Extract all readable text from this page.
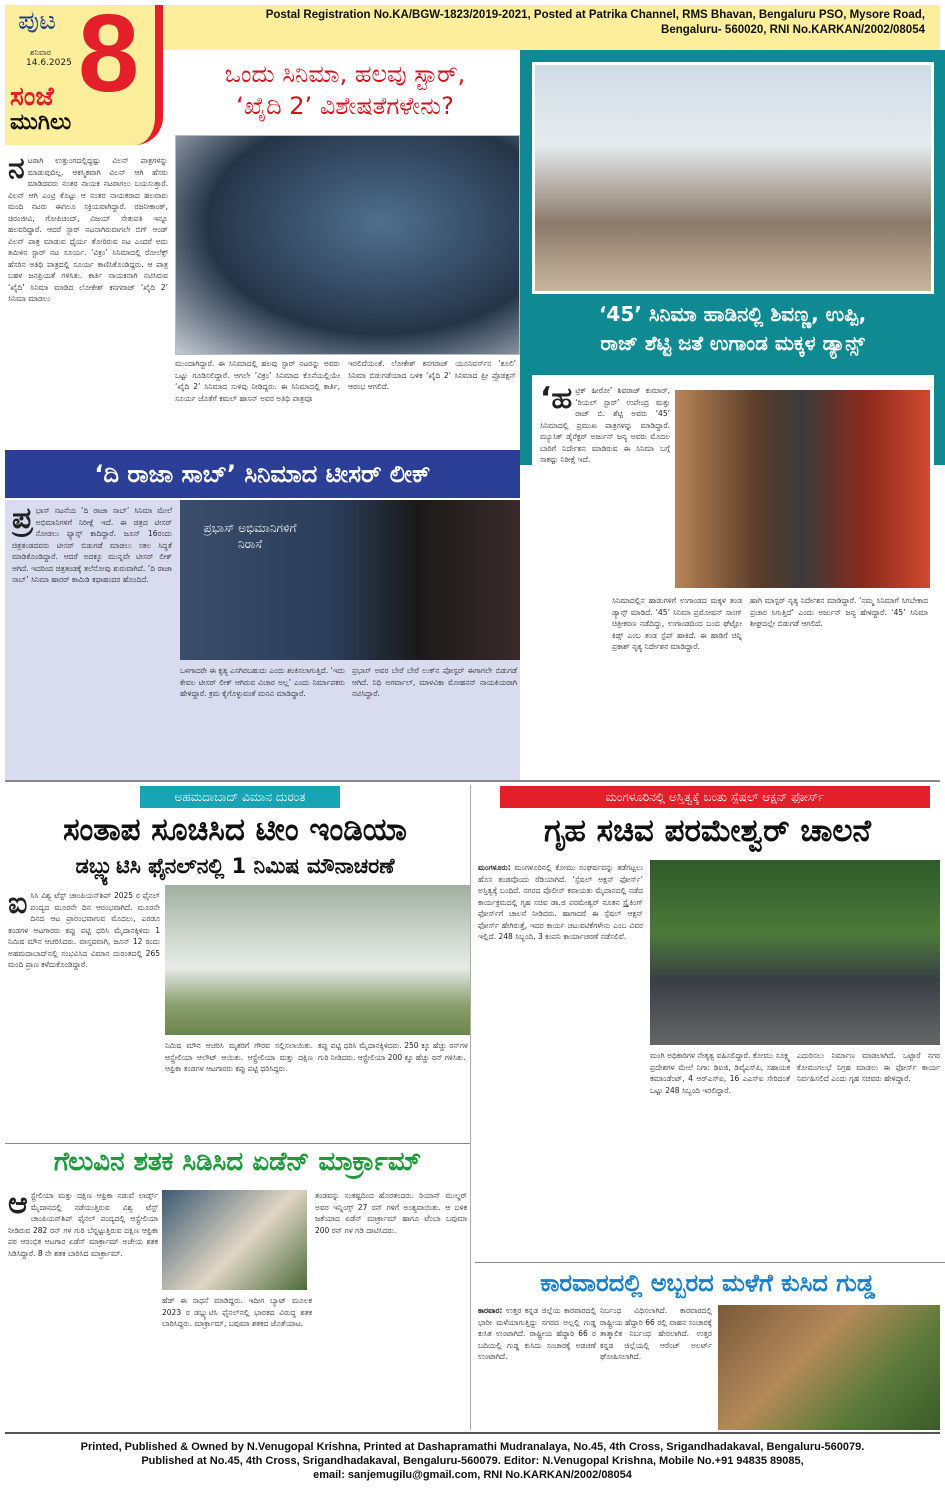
ಪುಟ
ಶನಿವಾರ
14.6.2025 8
ಸಂಜೆ
ಮುಗಿಲು
Postal Registration No.KA/BGW-1823/2019-2021, Posted at Patrika Channel, RMS Bhavan, Bengaluru PSO, Mysore Road,
Bengaluru- 560020, RNI No.KARKAN/2002/08054
ಒಂದು ಸಿನಿಮಾ, ಹಲವು ಸ್ಟಾರ್,
‘ಖೈದಿ 2’ ವಿಶೇಷತೆಗಳೇನು?
ನ ಟರಾಗಿ ಉತ್ತುಂಗದಲ್ಲಿದ್ದಷ್ಟು ವಿಲನ್ ಪಾತ್ರಗಳನ್ನು ಮಾಡುವುದಿಲ್ಲ. ಆಕಸ್ಮಿಕವಾಗಿ ವಿಲನ್ ಆಗಿ ಹೆಸರು ಮಾಡಿದವರು ನಂತರ ನಾಯಕ ನಟರಾಗಲು ಬಯಸುತ್ತಾರೆ. ವಿಲನ್ ಆಗಿ ಎಂಟ್ರಿ ಕೊಟ್ಟು ಆ ನಂತರ ನಾಯಕರಾದ ಹಲವಾರು ಮಂದಿ ನಟರು ಈಗಲೂ ಸಕ್ರಿಯವಾಗಿದ್ದಾರೆ. ರಜನೀಕಾಂತ್, ಚಿರಂಜೀವಿ, ಗೋಪಿಚಂದ್, ವಿಜಯ್ ಸೇತುಪತಿ ಇನ್ನೂ ಹಲವರಿದ್ದಾರೆ. ಆದರೆ ಸ್ಟಾರ್ ನಟನಾಗಿರುವಾಗಲೇ ಬಿಗ್ ಆಂಡ್ ವಿಲನ್ ಪಾತ್ರ ಮಾಡುವ ಧೈರ್ಯ ತೋರಿರುವ ನಟ ಎಂದರೆ ಅದು ತಮಿಳಿನ ಸ್ಟಾರ್ ನಟ ಸೂರ್ಯ. ‘ವಿಕ್ರಂ’ ಸಿನಿಮಾದಲ್ಲಿ ರೋಲೆಕ್ಸ್ ಹೆಸರಿನ ಅತಿಥಿ ಪಾತ್ರದಲ್ಲಿ ಸೂರ್ಯ ಕಾಣಿಸಿಕೊಂಡಿದ್ದರು. ಆ ಪಾತ್ರ ಬಹಳ ಜನಪ್ರಿಯತೆ ಗಳಿಸಿತು. ಕಾರ್ತಿ ನಾಯಕನಾಗಿ ನಟಿಸಿರುವ ‘ಖೈದಿ’ ಸಿನಿಮಾ ಮಾಡಿದ ಲೋಕೇಶ್ ಕನಗರಾಜ್ ‘ಖೈದಿ 2’ ಸಿನಿಮಾ ಮಾಡಲು
ಮುಂದಾಗಿದ್ದಾರೆ. ಈ ಸಿನಿಮಾದಲ್ಲಿ ಹಲವು ಸ್ಟಾರ್ ನಟರನ್ನು ಅವರು ಒಟ್ಟು ಗೂಡಿಸಲಿದ್ದಾರೆ. ಆಗಲೇ ‘ವಿಕ್ರಂ’ ಸಿನಿಮಾದ ಕೊನೆಯಲ್ಲಿಯೇ ‘ಖೈದಿ 2’ ಸಿನಿಮಾದ ಸುಳಿವು ನೀಡಿದ್ದರು. ಈ ಸಿನಿಮಾದಲ್ಲಿ ಕಾರ್ತಿ, ಸೂರ್ಯ ಜೊತೆಗೆ ಕಮಲ್ ಹಾಸನ್ ಅವರ ಅತಿಥಿ ಪಾತ್ರವೂ
ಇರಲಿದೆಯಂತೆ. ಲೋಕೇಶ್ ಕನಗರಾಜ್ ಯೂನಿವರ್ಸ್‌ನ ‘ಕೂಲಿ’ ಸಿನಿಮಾ ಬಿಡುಗಡೆಯಾದ ಬಳಿಕ ‘ಖೈದಿ 2’ ಸಿನಿಮಾದ ಪ್ರೀ ಪ್ರೊಡಕ್ಷನ್ ಆರಂಭ ಆಗಲಿದೆ.
‘45’ ಸಿನಿಮಾ ಹಾಡಿನಲ್ಲಿ ಶಿವಣ್ಣ, ಉಪ್ಪಿ,
ರಾಜ್ ಶೆಟ್ಟಿ ಜತೆ ಉಗಾಂಡ ಮಕ್ಕಳ ಡ್ಯಾನ್ಸ್
‘ಹ ಟ್ರಿಕ್ ಹೀರೋ’ ಶಿವರಾಜ್ ಕುಮಾರ್, ‘ರಿಯಲ್ ಸ್ಟಾರ್’ ಉಪೇಂದ್ರ ಮತ್ತು ರಾಜ್ ಬಿ. ಶೆಟ್ಟಿ ಅವರು ‘45’ ಸಿನಿಮಾದಲ್ಲಿ ಪ್ರಮುಖ ಪಾತ್ರಗಳನ್ನು ಮಾಡಿದ್ದಾರೆ. ಮ್ಯೂಸಿಕ್ ಡೈರೆಕ್ಟರ್ ಅರ್ಜುನ್ ಜನ್ಯ ಅವರು ಮೊದಲ ಬಾರಿಗೆ ನಿರ್ದೇಶನ ಮಾಡಿರುವ ಈ ಸಿನಿಮಾ ಬಗ್ಗೆ ಸಾಕಷ್ಟು ನಿರೀಕ್ಷೆ ಇದೆ.
ಸಿನಿಮಾದಲ್ಲಿನ ಹಾಡುಗಳಿಗೆ ಉಗಾಂಡದ ಮಕ್ಕಳ ತಂಡ ಡ್ಯಾನ್ಸ್ ಮಾಡಿದೆ. ‘45’ ಸಿನಿಮಾ ಪ್ರಮೋಷನ್ ಸಾಂಗ್ ಚಿತ್ರೀಕರಣ ನಡೆದಿದ್ದು, ಉಗಾಂಡದಿಂದ ಬಂದ ಘೆಟ್ಟೋ ಕಿಡ್ಸ್ ಎಂಬ ತಂಡ ಸ್ಟೆಪ್ ಹಾಕಿದೆ. ಈ ಹಾಡಿಗೆ ಚಿನ್ನಿ ಪ್ರಕಾಶ್ ನೃತ್ಯ ನಿರ್ದೇಶನ ಮಾಡಿದ್ದಾರೆ.
ಹಾಗಿ ಮಾಸ್ಟರ್ ನೃತ್ಯ ನಿರ್ದೇಶನ ಮಾಡಿದ್ದಾರೆ. ‘ನಮ್ಮ ಸಿನಿಮಾಗೆ ಸಿಗಬೇಕಾದ ಪ್ರಚಾರ ಸಿಗುತ್ತಿದೆ’ ಎಂದು ಅರ್ಜುನ್ ಜನ್ಯ ಹೇಳಿದ್ದಾರೆ. ‘45’ ಸಿನಿಮಾ ಶೀಘ್ರದಲ್ಲೇ ಬಿಡುಗಡೆ ಆಗಲಿದೆ.
‘ದಿ ರಾಜಾ ಸಾಬ್’ ಸಿನಿಮಾದ ಟೀಸರ್ ಲೀಕ್
ಪ್ರಭಾಸ್ ಅಭಿಮಾನಿಗಳಿಗೆ ನಿರಾಸೆ
ಪ್ರ ಭಾಸ್ ನಟನೆಯ ‘ದಿ ರಾಜಾ ಸಾಬ್’ ಸಿನಿಮಾ ಮೇಲೆ ಅಭಿಮಾನಿಗಳಿಗೆ ನಿರೀಕ್ಷೆ ಇದೆ. ಈ ಚಿತ್ರದ ಟೀಸರ್ ನೋಡಲು ಫ್ಯಾನ್ಸ್ ಕಾದಿದ್ದಾರೆ. ಜೂನ್ 16ರಂದು ಚಿತ್ರತಂಡದವರು ಟೀಸರ್ ಬಿಡುಗಡೆ ಮಾಡಲು ಸಕಲ ಸಿದ್ಧತೆ ಮಾಡಿಕೊಂಡಿದ್ದಾರೆ. ಆದರೆ ಅದಕ್ಕೂ ಮುನ್ನವೇ ಟೀಸರ್ ಲೀಕ್ ಆಗಿದೆ. ಇದರಿಂದ ಚಿತ್ರತಂಡಕ್ಕೆ ತಲೆನೋವು ಶುರುವಾಗಿದೆ. ‘ದಿ ರಾಜಾ ಸಾಬ್’ ಸಿನಿಮಾ ಹಾರರ್ ಕಾಮಿಡಿ ಕಥಾಹಂದರ ಹೊಂದಿದೆ.
ಒಳಗಾದರೇ ಈ ಕೃತ್ಯ ಎಸಗಿರಬಹುದು ಎಂದು ಶಂಕಿಸಲಾಗುತ್ತಿದೆ. ‘ಇದು ಕೇವಲ ಟೀಸರ್ ಲೀಕ್ ಆಗಿರುವ ವಿಚಾರ ಅಲ್ಲ’ ಎಂದು ನಿರ್ಮಾಪಕರು ಹೇಳಿದ್ದಾರೆ. ಕ್ರಮ ಕೈಗೊಳ್ಳುವಂತೆ ಮನವಿ ಮಾಡಿದ್ದಾರೆ.
ಪ್ರಭಾಸ್ ಅವರ ಬೇರೆ ಬೇರೆ ಲುಕ್‌ನ ಪೋಸ್ಟರ್ ಈಗಾಗಲೇ ಬಿಡುಗಡೆ ಆಗಿದೆ. ನಿಧಿ ಅಗರ್ವಾಲ್, ಮಾಳವಿಕಾ ಮೋಹನನ್ ನಾಯಕಿಯರಾಗಿ ನಟಿಸಿದ್ದಾರೆ.
ಅಹಮದಾಬಾದ್ ವಿಮಾನ ದುರಂತ
ಸಂತಾಪ ಸೂಚಿಸಿದ ಟೀಂ ಇಂಡಿಯಾ
ಡಬ್ಲ್ಯುಟಿಸಿ ಫೈನಲ್‌ನಲ್ಲಿ 1 ನಿಮಿಷ ಮೌನಾಚರಣೆ
ಐ ಸಿಸಿ ವಿಶ್ವ ಟೆಸ್ಟ್ ಚಾಂಪಿಯನ್‌ಶಿಪ್ 2025 ರ ಫೈನಲ್ ಪಂದ್ಯದ ಮೂರನೇ ದಿನ ಆರಂಭವಾಗಿದೆ. ಮೂರನೇ ದಿನದ ಆಟ ಪ್ರಾರಂಭವಾಗುವ ಮೊದಲು, ಎರಡೂ ತಂಡಗಳ ಆಟಗಾರರು ಕಪ್ಪು ಪಟ್ಟಿ ಧರಿಸಿ ಮೈದಾನಕ್ಕಿಳಿದು 1 ನಿಮಿಷ ಮೌನ ಆಚರಿಸಿದರು. ವಾಸ್ತವವಾಗಿ, ಜೂನ್ 12 ರಂದು ಅಹಮದಾಬಾದ್‌ನಲ್ಲಿ ಸಂಭವಿಸಿದ ವಿಮಾನ ದುರಂತದಲ್ಲಿ 265 ಮಂದಿ ಪ್ರಾಣ ಕಳೆದುಕೊಂಡಿದ್ದಾರೆ.
ನಿಮಿಷ ಮೌನ ಆಚರಿಸಿ ಮೃತರಿಗೆ ಗೌರವ ಸಲ್ಲಿಸಲಾಯಿತು. ಆಸ್ಟ್ರೇಲಿಯಾ ಆಲೌಟ್ ಆಯಿತು. ಆಸ್ಟ್ರೇಲಿಯಾ ಮತ್ತು ದಕ್ಷಿಣ ಆಫ್ರಿಕಾ ತಂಡಗಳ ಆಟಗಾರರು ಕಪ್ಪು ಪಟ್ಟಿ ಧರಿಸಿದ್ದರು.
ಕಪ್ಪು ಪಟ್ಟಿ ಧರಿಸಿ ಮೈದಾನಕ್ಕಿಳಿದರು. 250 ಕ್ಕೂ ಹೆಚ್ಚು ರನ್‌ಗಳ ಗುರಿ ನೀಡಿದರು. ಆಸ್ಟ್ರೇಲಿಯಾ 200 ಕ್ಕೂ ಹೆಚ್ಚು ರನ್ ಗಳಿಸಿತು.
ಗೆಲುವಿನ ಶತಕ ಸಿಡಿಸಿದ ಏಡೆನ್ ಮಾರ್ಕ್ರಾಮ್
ಆ ಸ್ಟ್ರೇಲಿಯಾ ಮತ್ತು ದಕ್ಷಿಣ ಆಫ್ರಿಕಾ ನಡುವೆ ಲಾರ್ಡ್ಸ್ ಮೈದಾನದಲ್ಲಿ ನಡೆಯುತ್ತಿರುವ ವಿಶ್ವ ಟೆಸ್ಟ್ ಚಾಂಪಿಯನ್‌ಶಿಪ್ ಫೈನಲ್ ಪಂದ್ಯದಲ್ಲಿ ಆಸ್ಟ್ರೇಲಿಯಾ ನೀಡಿರುವ 282 ರನ್ ಗಳ ಗುರಿ ಬೆನ್ನಟ್ಟುತ್ತಿರುವ ದಕ್ಷಿಣ ಆಫ್ರಿಕಾ ಪರ ಆರಂಭಿಕ ಆಟಗಾರ ಏಡೆನ್ ಮಾರ್ಕ್ರಾಮ್ ಅಜೇಯ ಶತಕ ಸಿಡಿಸಿದ್ದಾರೆ. 8 ನೇ ಶತಕ ಬಾರಿಸಿದ ಮಾರ್ಕ್ರಾಮ್.
ಹೆಡ್ ಈ ಸಾಧನೆ ಮಾಡಿದ್ದರು. ಇದೀಗ ಬ್ಯಾಟ್ ಮೂಲಕ 2023 ರ ಡಬ್ಲ್ಯುಟಿಸಿ ಫೈನಲ್‌ನಲ್ಲಿ ಭಾರತದ ವಿರುದ್ಧ ಶತಕ ಬಾರಿಸಿದ್ದರು. ಮಾರ್ಕ್ರಾಮ್, ಬವುಮಾ ಶತಕದ ಜೊತೆಯಾಟ.
ತಂಡವನ್ನು ಸಂಕಷ್ಟದಿಂದ ಹೊರತಂದರು. ರಿಯಾನ್ ಮುಲ್ಡರ್ ಅವರ ಇನ್ನಿಂಗ್ಸ್ 27 ರನ್ ಗಳಿಗೆ ಅಂತ್ಯವಾಯಿತು. ಆ ಬಳಿಕ ಜತೆಯಾದ ಏಡೆನ್ ಮಾರ್ಕ್ರಾಮ್ ಹಾಗೂ ಟೆಂಬಾ ಬವುಮಾ 200 ರನ್ ಗಳ ಗಡಿ ದಾಟಿಸಿದರು.
ಮಂಗಳೂರಿನಲ್ಲಿ ಅಸ್ತಿತ್ವಕ್ಕೆ ಬಂತು ಸ್ಪೆಷಲ್ ಆಕ್ಷನ್ ಫೋರ್ಸ್
ಗೃಹ ಸಚಿವ ಪರಮೇಶ್ವರ್ ಚಾಲನೆ
ಮಂಗಳೂರು: ಮಂಗಳೂರಿನಲ್ಲಿ ಕೋಮು ಸಂಘರ್ಷವನ್ನು ತಡೆಗಟ್ಟಲು ಹೊಸ ತಂಡವೊಂದು ರೆಡಿಯಾಗಿದೆ. ‘ಸ್ಪೆಷಲ್ ಆಕ್ಷನ್ ಫೋರ್ಸ್’ ಅಸ್ತಿತ್ವಕ್ಕೆ ಬಂದಿದೆ. ನಗರದ ಪೊಲೀಸ್ ಕವಾಯತು ಮೈದಾನದಲ್ಲಿ ನಡೆದ ಕಾರ್ಯಕ್ರಮದಲ್ಲಿ ಗೃಹ ಸಚಿವ ಡಾ.ಜಿ ಪರಮೇಶ್ವರ್ ನೂತನ ಸ್ಟ್ರೈಕಿಂಗ್ ಫೋರ್ಸ್‌ಗೆ ಚಾಲನೆ ನೀಡಿದರು. ಹಾಗಾದರೆ ಈ ಸ್ಪೆಷಲ್ ಆಕ್ಷನ್ ಫೋರ್ಸ್ ಹೇಗಿರುತ್ತೆ, ಇದರ ಕಾರ್ಯ ಚಟುವಟಿಕೆಗಳೇನು ಎಂಬ ವಿವರ ಇಲ್ಲಿದೆ. 248 ಸಿಬ್ಬಂದಿ, 3 ಕಂಪನಿ ಕಾರ್ಯಾಚರಣೆ ನಡೆಸಲಿವೆ.
ಮಂಗಿ ಅಧಿಕಾರಿಗಳ ನೇತೃತ್ವ ವಹಿಸಲಿದ್ದಾರೆ. ಕೋಮು ಸೂಕ್ಷ್ಮ ಪ್ರದೇಶಗಳ ಮೇಲೆ ನಿಗಾ: ಡಿಐಜಿ, ಡಿವೈಎಸ್‌ಪಿ, ಸಹಾಯಕ ಕಮಾಂಡೆಂಟ್, 4 ಆರ್‌ಎಸ್‌ಐ, 16 ಎಎಸ್‌ಐ ಸೇರಿದಂತೆ ಒಟ್ಟು 248 ಸಿಬ್ಬಂದಿ ಇರಲಿದ್ದಾರೆ.
ಎದುರಿಸಲು ನಿರ್ಮಾಣ ಮಾಡಲಾಗಿದೆ. ಒಟ್ಟಾರೆ ನಗರ ಕೋಮುಗಲಭೆ ನಿಗ್ರಹ ಮಾಡಲು ಈ ಫೋರ್ಸ್ ಕಾರ್ಯ ನಿರ್ವಹಿಸಲಿದೆ ಎಂದು ಗೃಹ ಸಚಿವರು ಹೇಳಿದ್ದಾರೆ.
ಕಾರವಾರದಲ್ಲಿ ಅಬ್ಬರದ ಮಳೆಗೆ ಕುಸಿದ ಗುಡ್ಡ
ಕಾರವಾರ: ಉತ್ತರ ಕನ್ನಡ ಜಿಲ್ಲೆಯ ಕಾರವಾರದಲ್ಲಿ ಭಾರೀ ಮಳೆಯಾಗುತ್ತಿದ್ದು ನಗರದ ಅಲ್ಲಲ್ಲಿ ಗುಡ್ಡ ಕುಸಿತ ಉಂಟಾಗಿದೆ. ರಾಷ್ಟ್ರೀಯ ಹೆದ್ದಾರಿ 66 ರ ಬದಿಯಲ್ಲಿ ಗುಡ್ಡ ಕುಸಿದು ಸಂಚಾರಕ್ಕೆ ಅಡಚಣೆ ಉಂಟಾಗಿದೆ.
ನಿರ್ಬಂಧ ವಿಧಿಸಲಾಗಿದೆ. ಕಾರವಾರದಲ್ಲಿ ರಾಷ್ಟ್ರೀಯ ಹೆದ್ದಾರಿ 66 ರಲ್ಲಿ ವಾಹನ ಸಂಚಾರಕ್ಕೆ ತಾತ್ಕಾಲಿಕ ನಿರ್ಬಂಧ ಹೇರಲಾಗಿದೆ. ಉತ್ತರ ಕನ್ನಡ ಜಿಲ್ಲೆಯಲ್ಲಿ ಆರೆಂಜ್ ಅಲರ್ಟ್ ಘೋಷಿಸಲಾಗಿದೆ.
Printed, Published & Owned by N.Venugopal Krishna, Printed at Dashapramathi Mudranalaya, No.45, 4th Cross, Srigandhadakaval, Bengaluru-560079.
Published at No.45, 4th Cross, Srigandhadakaval, Bengaluru-560079. Editor: N.Venugopal Krishna, Mobile No.+91 94835 89085,
email: sanjemugilu@gmail.com, RNI No.KARKAN/2002/08054
